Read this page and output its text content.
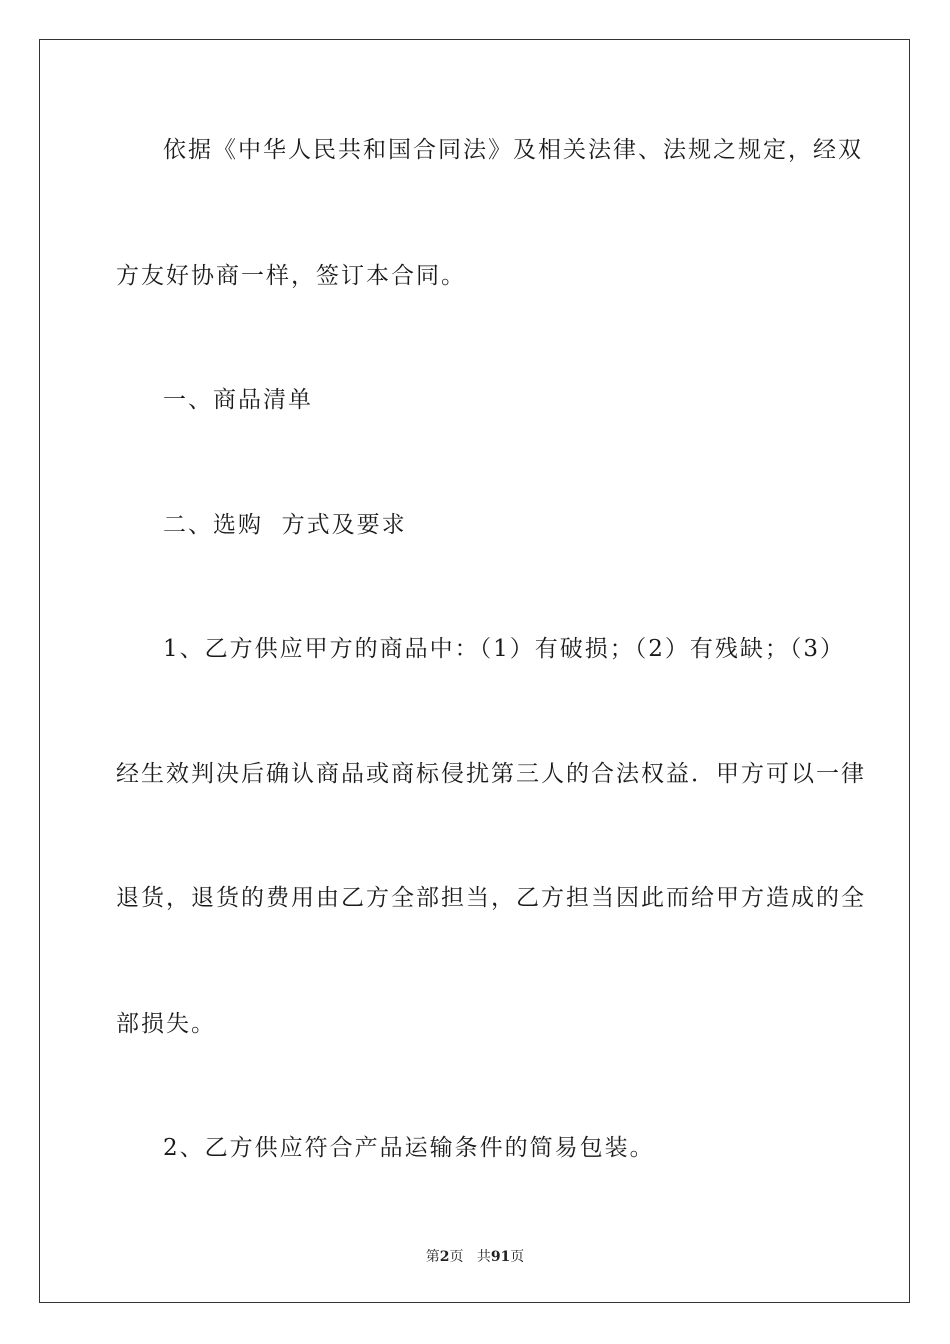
依据《中华人民共和国合同法》及相关法律、法规之规定，经双
方友好协商一样，签订本合同。
一、商品清单
二、选购  方式及要求
1、乙方供应甲方的商品中：（1）有破损；（2）有残缺；（3）
经生效判决后确认商品或商标侵扰第三人的合法权益．甲方可以一律
退货，退货的费用由乙方全部担当，乙方担当因此而给甲方造成的全
部损失。
2、乙方供应符合产品运输条件的简易包装。
第2页 共91页
